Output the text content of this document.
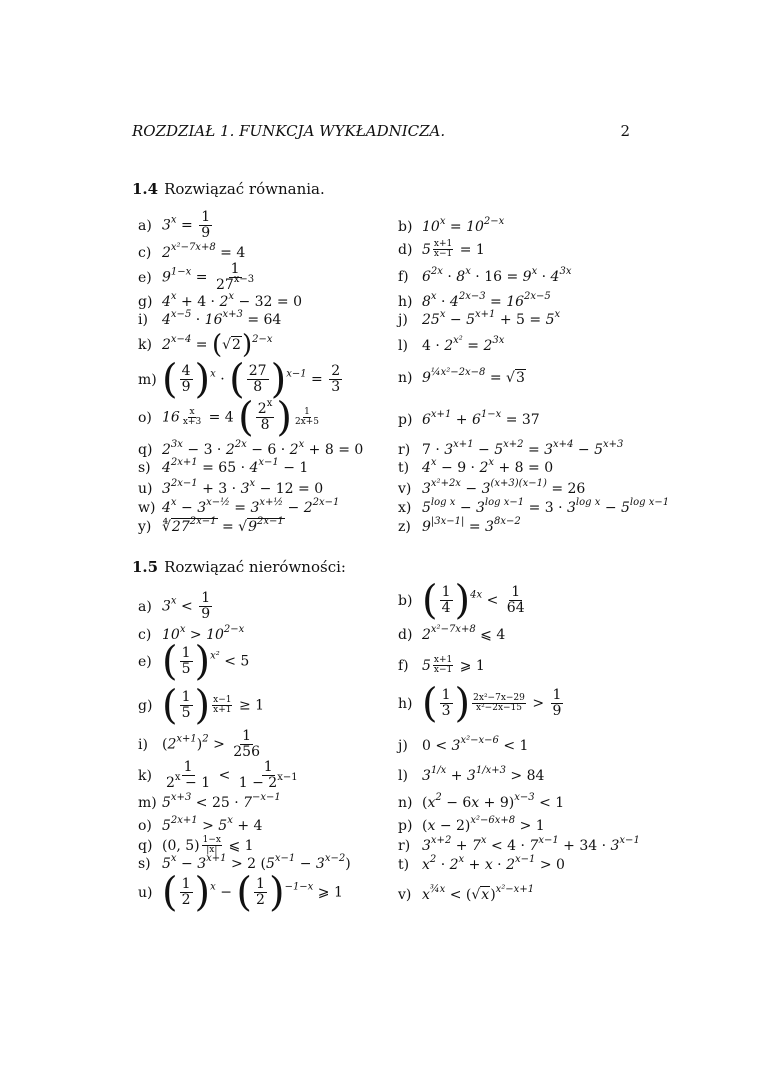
ROZDZIAŁ 1. FUNKCJA WYKŁADNICZA.	2
1.4 Rozwiązać równania.
a) $3^x = \frac{1}{9}$
c) $2^{x^2-7x+8} = 4$
e) $9^{1-x} = \frac{1}{27^{x-3}}$
g) $4^x + 4 \cdot 2^x - 32 = 0$
i)	$4^{x-5} \cdot 16^{x+3} = 64$
k) $2^{x-4} = (√2)^{2-x}$
m) ( $\frac{4}{9} )^x$ · ( $\frac{27}{8} )^{x-1} = \frac{2}{3}$
o) $16 \frac{x}{x+3} = 4$ ( $\frac{2^x}{8}$ ) $\frac{1}{2x+5}$
q) $2^{3x} - 3 \cdot 2^{2x} - 6 \cdot 2^x + 8 = 0$
s) $4^{2x+1} = 65 \cdot 4^{x-1} - 1$
u) $3^{2x-1} + 3 \cdot 3^x - 12 = 0$
w) $4^x - 3^{x-\frac{1}{2}} = 3^{x+\frac{1}{2}} - 2^{2x-1}$
y) $∜27^{2x-1} = √9^{2x-1}$
b) $10^x = 10^{2-x}$
d) $5 \frac{x+1}{x-1} = 1$
f) $6^{2x} \cdot 8^x \cdot 16 = 9^x \cdot 4^{3x}$
h) $8^x \cdot 4^{2x-3} = 16^{2x-5}$
j)	$25^x - 5^{x+1} + 5 = 5^x$
l)	$4 \cdot 2^{x^2} = 2^{3x}$
n) $9^{\frac{1}{4}x^2-2x-8} = √3$
p) $6^{x+1} + 6^{1-x} = 37$
r) $7 \cdot 3^{x+1} - 5^{x+2} = 3^{x+4} - 5^{x+3}$
t) $4^x - 9 \cdot 2^x + 8 = 0$
v) $3^{x^2+2x} - 3^{(x+3)(x-1)} = 26$
x) $5^{log x} - 3^{log x-1} = 3 \cdot 3^{log x} - 5^{log x-1}$
z) $9^{|3x-1|} = 3^{8x-2}$
1.5 Rozwiązać nierówności:
a) $3^x < \frac{1}{9}$
c) $10^x > 10^{2-x}$
e) ( $\frac{1}{5} )^{x^2} < 5$
g) ( $\frac{1}{5}$ ) $\frac{x-1}{x+1} \ge 1$
i)	$(2^{x+1})^2 > \frac{1}{256}$
$k) \frac{1}{2^x - 1} < \frac{1}{1 - 2^{x-1}}$
m) $5^{x+3} < 25 \cdot 7^{-x-1}$
o) $5^{2x+1} > 5^x + 4$
q) (0, $5) \frac{1-x}{|x|}$ ⩽ 1
s) $5^x - 3^{x+1} > 2$ $(5^{x-1} - 3^{x-2})$
u) ( $\frac{1}{2} )^x$ − ( $\frac{1}{2} )^{-1-x}$ ⩾ 1
b) ( $\frac{1}{4} )^{4x} < \frac{1}{64}$
d) $2^{x^2-7x+8}$ ⩽ 4
f) $5 \frac{x+1}{x-1}$ ⩾ 1
h) ( $\frac{1}{3}$ ) $\frac{\text{2x²−7x−29}}{\text{x²−2x−15}} > \frac{1}{9}$
j)	$0 < 3^{x^2-x-6} < 1$
l)	$3^{1/x} + 3^{1/x+3} > 84$
n) $(x^2 - 6x + 9)^{x-3} < 1$
p) $(x - 2)^{x^2-6x+8} > 1$
r) $3^{x+2} + 7^x < 4 \cdot 7^{x-1} + 34 \cdot 3^{x-1}$
t) $x^2 \cdot 2^x + x \cdot 2^{x-1} > 0$
v) $x^{\frac{3}{4}x} < (√x)^{x^2-x+1}$
